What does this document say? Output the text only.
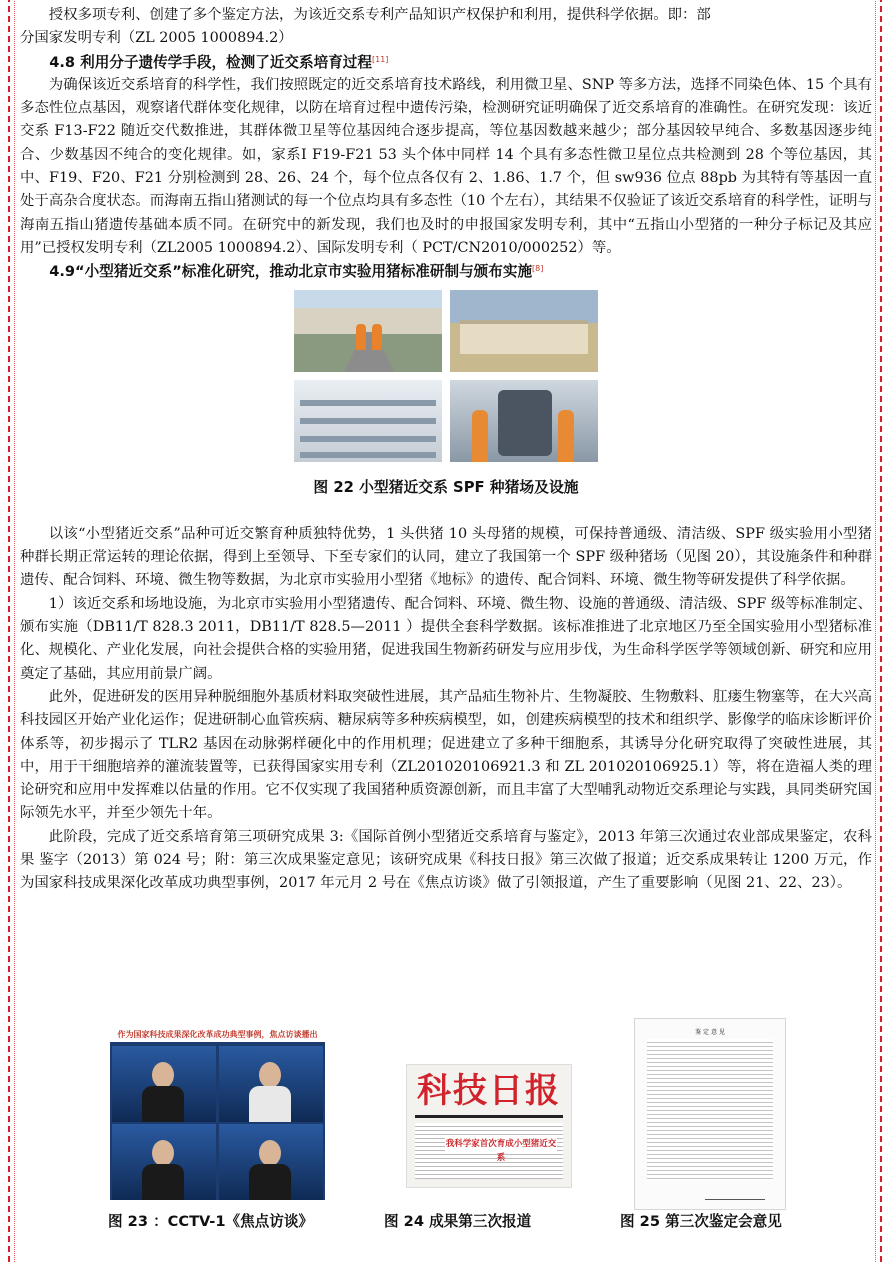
授权多项专利、创建了多个鉴定方法，为该近交系专利产品知识产权保护和利用，提供科学依据。即：部

分国家发明专利（ZL 2005 1000894.2）

4.8 利用分子遗传学手段，检测了近交系培育过程[11]

为确保该近交系培育的科学性，我们按照既定的近交系培育技术路线，利用微卫星、SNP 等多方法，选择不同染色体、15 个具有多态性位点基因，观察诸代群体变化规律，以防在培育过程中遗传污染，检测研究证明确保了近交系培育的准确性。在研究发现：该近交系 F13-F22 随近交代数推进，其群体微卫星等位基因纯合逐步提高，等位基因数越来越少；部分基因较早纯合、多数基因逐步纯合、少数基因不纯合的变化规律。如，家系Ⅰ F19-F21 53 头个体中同样 14 个具有多态性微卫星位点共检测到 28 个等位基因，其中、F19、F20、F21 分别检测到 28、26、24 个，每个位点各仅有 2、1.86、1.7 个，但 sw936 位点 88pb 为其特有等基因一直处于高杂合度状态。而海南五指山猪测试的每一个位点均具有多态性（10 个左右），其结果不仅验证了该近交系培育的科学性，证明与海南五指山猪遗传基础本质不同。在研究中的新发现，我们也及时的申报国家发明专利，其中“五指山小型猪的一种分子标记及其应用”已授权发明专利（ZL2005 1000894.2）、国际发明专利（ PCT/CN2010/000252）等。

4.9“小型猪近交系”标准化研究，推动北京市实验用猪标准研制与颁布实施[8]
图 22 小型猪近交系 SPF 种猪场及设施

以该“小型猪近交系”品种可近交繁育种质独特优势，1 头供猪 10 头母猪的规模，可保持普通级、清洁级、SPF 级实验用小型猪种群长期正常运转的理论依据，得到上至领导、下至专家们的认同，建立了我国第一个 SPF 级种猪场（见图 20），其设施条件和种群遗传、配合饲料、环境、微生物等数据，为北京市实验用小型猪《地标》的遗传、配合饲料、环境、微生物等研发提供了科学依据。

1）该近交系和场地设施，为北京市实验用小型猪遗传、配合饲料、环境、微生物、设施的普通级、清洁级、SPF 级等标准制定、颁布实施（DB11/T 828.3 2011，DB11/T 828.5—2011 ）提供全套科学数据。该标准推进了北京地区乃至全国实验用小型猪标准化、规模化、产业化发展，向社会提供合格的实验用猪，促进我国生物新药研发与应用步伐，为生命科学医学等领域创新、研究和应用奠定了基础，其应用前景广阔。

此外，促进研发的医用异种脱细胞外基质材料取突破性进展，其产品疝生物补片、生物凝胶、生物敷料、肛瘘生物塞等，在大兴高科技园区开始产业化运作；促进研制心血管疾病、糖尿病等多种疾病模型，如，创建疾病模型的技术和组织学、影像学的临床诊断评价体系等，初步揭示了 TLR2 基因在动脉粥样硬化中的作用机理；促进建立了多种干细胞系，其诱导分化研究取得了突破性进展，其中，用于干细胞培养的灌流装置等，已获得国家实用专利（ZL201020106921.3 和 ZL 201020106925.1）等，将在造福人类的理论研究和应用中发挥难以估量的作用。它不仅实现了我国猪种质资源创新，而且丰富了大型哺乳动物近交系理论与实践，具同类研究国际领先水平，并至少领先十年。

此阶段，完成了近交系培育第三项研究成果 3:《国际首例小型猪近交系培育与鉴定》，2013 年第三次通过农业部成果鉴定，农科果 鉴字（2013）第 024 号；附：第三次成果鉴定意见；该研究成果《科技日报》第三次做了报道；近交系成果转让 1200 万元，作为国家科技成果深化改革成功典型事例，2017 年元月 2 号在《焦点访谈》做了引领报道，产生了重要影响（见图 21、22、23）。

作为国家科技成果深化改革成功典型事例，焦点访谈播出
科技日报
我科学家首次育成小型猪近交系
鉴 定 意 见
图 23 ：CCTV-1《焦点访谈》	图 24 成果第三次报道	图 25 第三次鉴定会意见
